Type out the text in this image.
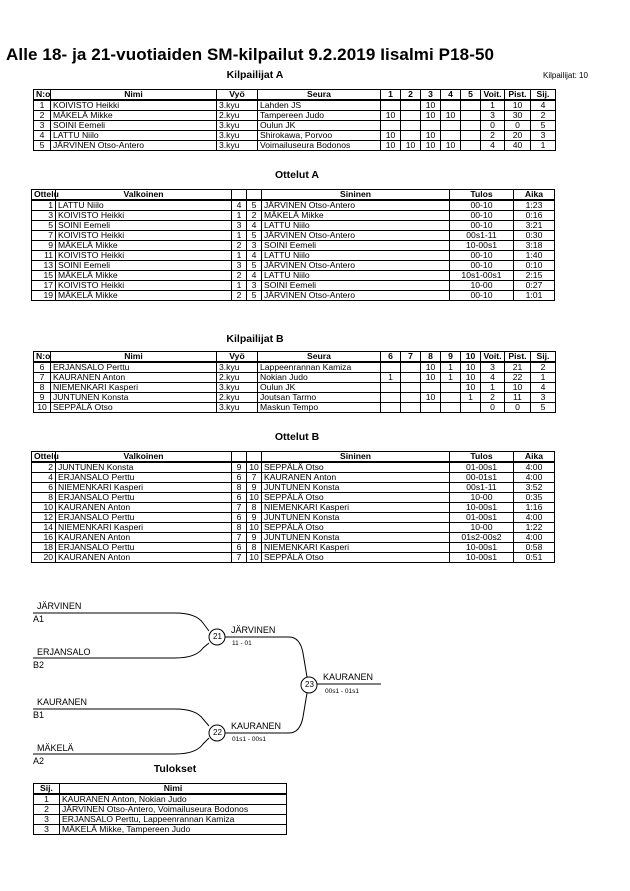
Alle 18- ja 21-vuotiaiden SM-kilpailut 9.2.2019 Iisalmi P18-50
Kilpailijat A	Kilpailijat: 10
N:o	Nimi	Vyö	Seura	1	2	3	4	5	Voit.	Pist.	Sij.
1	KOIVISTO Heikki	3.kyu	Lahden JS			10			1	10	4
2	MÄKELÄ Mikke	2.kyu	Tampereen Judo	10		10	10		3	30	2
3	SOINI Eemeli	3.kyu	Oulun JK						0	0	5
4	LATTU Niilo	3.kyu	Shirokawa, Porvoo	10		10			2	20	3
5	JÄRVINEN Otso-Antero	3.kyu	Voimailuseura Bodonos	10	10	10	10		4	40	1
Ottelut A
Ottelu	Valkoinen			Sininen	Tulos	Aika
1	LATTU Niilo	4	5	JÄRVINEN Otso-Antero	00-10	1:23
3	KOIVISTO Heikki	1	2	MÄKELÄ Mikke	00-10	0:16
5	SOINI Eemeli	3	4	LATTU Niilo	00-10	3:21
7	KOIVISTO Heikki	1	5	JÄRVINEN Otso-Antero	00s1-11	0:30
9	MÄKELÄ Mikke	2	3	SOINI Eemeli	10-00s1	3:18
11	KOIVISTO Heikki	1	4	LATTU Niilo	00-10	1:40
13	SOINI Eemeli	3	5	JÄRVINEN Otso-Antero	00-10	0:10
15	MÄKELÄ Mikke	2	4	LATTU Niilo	10s1-00s1	2:15
17	KOIVISTO Heikki	1	3	SOINI Eemeli	10-00	0:27
19	MÄKELÄ Mikke	2	5	JÄRVINEN Otso-Antero	00-10	1:01
Kilpailijat B
N:o	Nimi	Vyö	Seura	6	7	8	9	10	Voit.	Pist.	Sij.
6	ERJANSALO Perttu	3.kyu	Lappeenrannan Kamiza			10	1	10	3	21	2
7	KAURANEN Anton	2.kyu	Nokian Judo	1		10	1	10	4	22	1
8	NIEMENKARI Kasperi	3.kyu	Oulun JK					10	1	10	4
9	JUNTUNEN Konsta	2.kyu	Joutsan Tarmo			10		1	2	11	3
10	SEPPÄLÄ Otso	3.kyu	Maskun Tempo						0	0	5
Ottelut B
Ottelu	Valkoinen			Sininen	Tulos	Aika
2	JUNTUNEN Konsta	9	10	SEPPÄLÄ Otso	01-00s1	4:00
4	ERJANSALO Perttu	6	7	KAURANEN Anton	00-01s1	4:00
6	NIEMENKARI Kasperi	8	9	JUNTUNEN Konsta	00s1-11	3:52
8	ERJANSALO Perttu	6	10	SEPPÄLÄ Otso	10-00	0:35
10	KAURANEN Anton	7	8	NIEMENKARI Kasperi	10-00s1	1:16
12	ERJANSALO Perttu	6	9	JUNTUNEN Konsta	01-00s1	4:00
14	NIEMENKARI Kasperi	8	10	SEPPÄLÄ Otso	10-00	1:22
16	KAURANEN Anton	7	9	JUNTUNEN Konsta	01s2-00s2	4:00
18	ERJANSALO Perttu	6	8	NIEMENKARI Kasperi	10-00s1	0:58
20	KAURANEN Anton	7	10	SEPPÄLÄ Otso	10-00s1	0:51
JÄRVINEN
A1
ERJANSALO
B2
21
JÄRVINEN
11 - 01
KAURANEN
B1
MÄKELÄ
A2
22
KAURANEN
01s1 - 00s1
23
KAURANEN
00s1 - 01s1
Tulokset
Sij.	Nimi
1	KAURANEN Anton, Nokian Judo
2	JÄRVINEN Otso-Antero, Voimailuseura Bodonos
3	ERJANSALO Perttu, Lappeenrannan Kamiza
3	MÄKELÄ Mikke, Tampereen Judo
